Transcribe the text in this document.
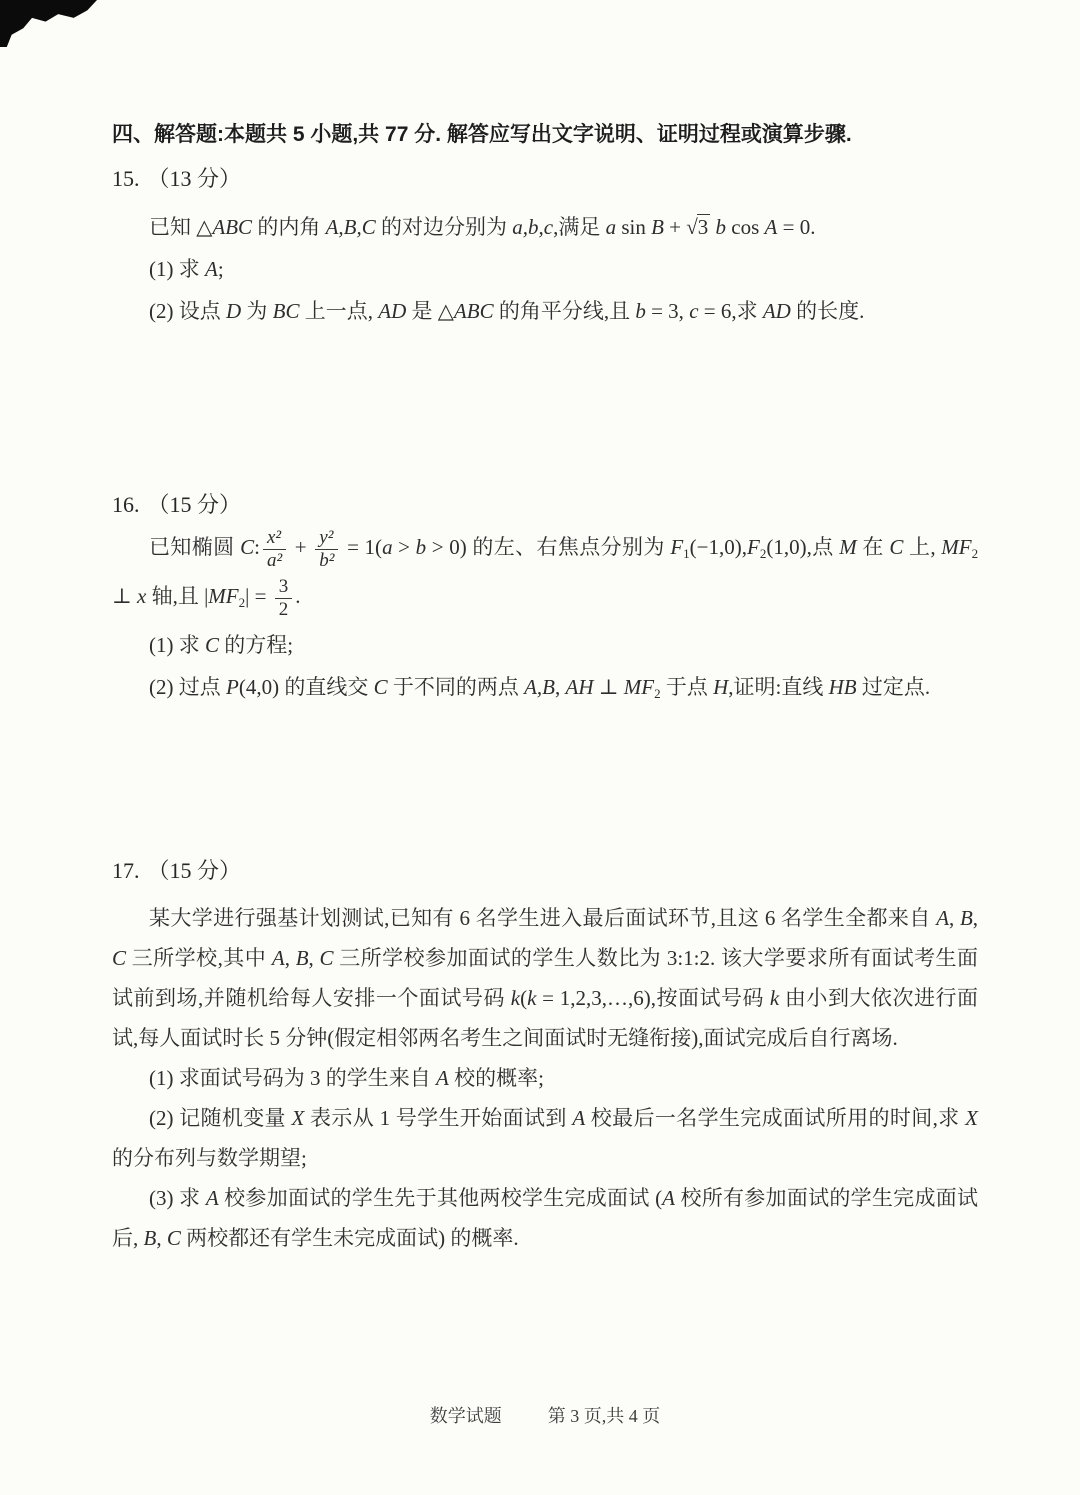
四、解答题:本题共 5 小题,共 77 分. 解答应写出文字说明、证明过程或演算步骤.
15. （13 分）
已知 △ABC 的内角 A,B,C 的对边分别为 a,b,c,满足 a sin B + √3 b cos A = 0.
(1) 求 A;
(2) 设点 D 为 BC 上一点, AD 是 △ABC 的角平分线,且 b = 3, c = 6,求 AD 的长度.
16. （15 分）
已知椭圆 C: $\frac{\text{x²}}{\text{a²}} + \frac{\text{y²}}{\text{b²}} = 1(a > b > 0)$ 的左、右焦点分别为 F1(−1,0),F2(1,0),点 M 在 C 上, MF2
⊥ x 轴,且 $|MF2| = \frac{3}{2}$ .
(1) 求 C 的方程;
(2) 过点 P(4,0) 的直线交 C 于不同的两点 A,B, AH ⊥ MF2 于点 H,证明:直线 HB 过定点.
17. （15 分）
某大学进行强基计划测试,已知有 6 名学生进入最后面试环节,且这 6 名学生全都来自 A, B,
C 三所学校,其中 A, B, C 三所学校参加面试的学生人数比为 3:1:2. 该大学要求所有面试考生面
试前到场,并随机给每人安排一个面试号码 k(k = 1,2,3,…,6),按面试号码 k 由小到大依次进行面
试,每人面试时长 5 分钟(假定相邻两名考生之间面试时无缝衔接),面试完成后自行离场.
(1) 求面试号码为 3 的学生来自 A 校的概率;
(2) 记随机变量 X 表示从 1 号学生开始面试到 A 校最后一名学生完成面试所用的时间,求 X
的分布列与数学期望;
(3) 求 A 校参加面试的学生先于其他两校学生完成面试 (A 校所有参加面试的学生完成面试
后, B, C 两校都还有学生未完成面试) 的概率.
数学试题	第 3 页,共 4 页
